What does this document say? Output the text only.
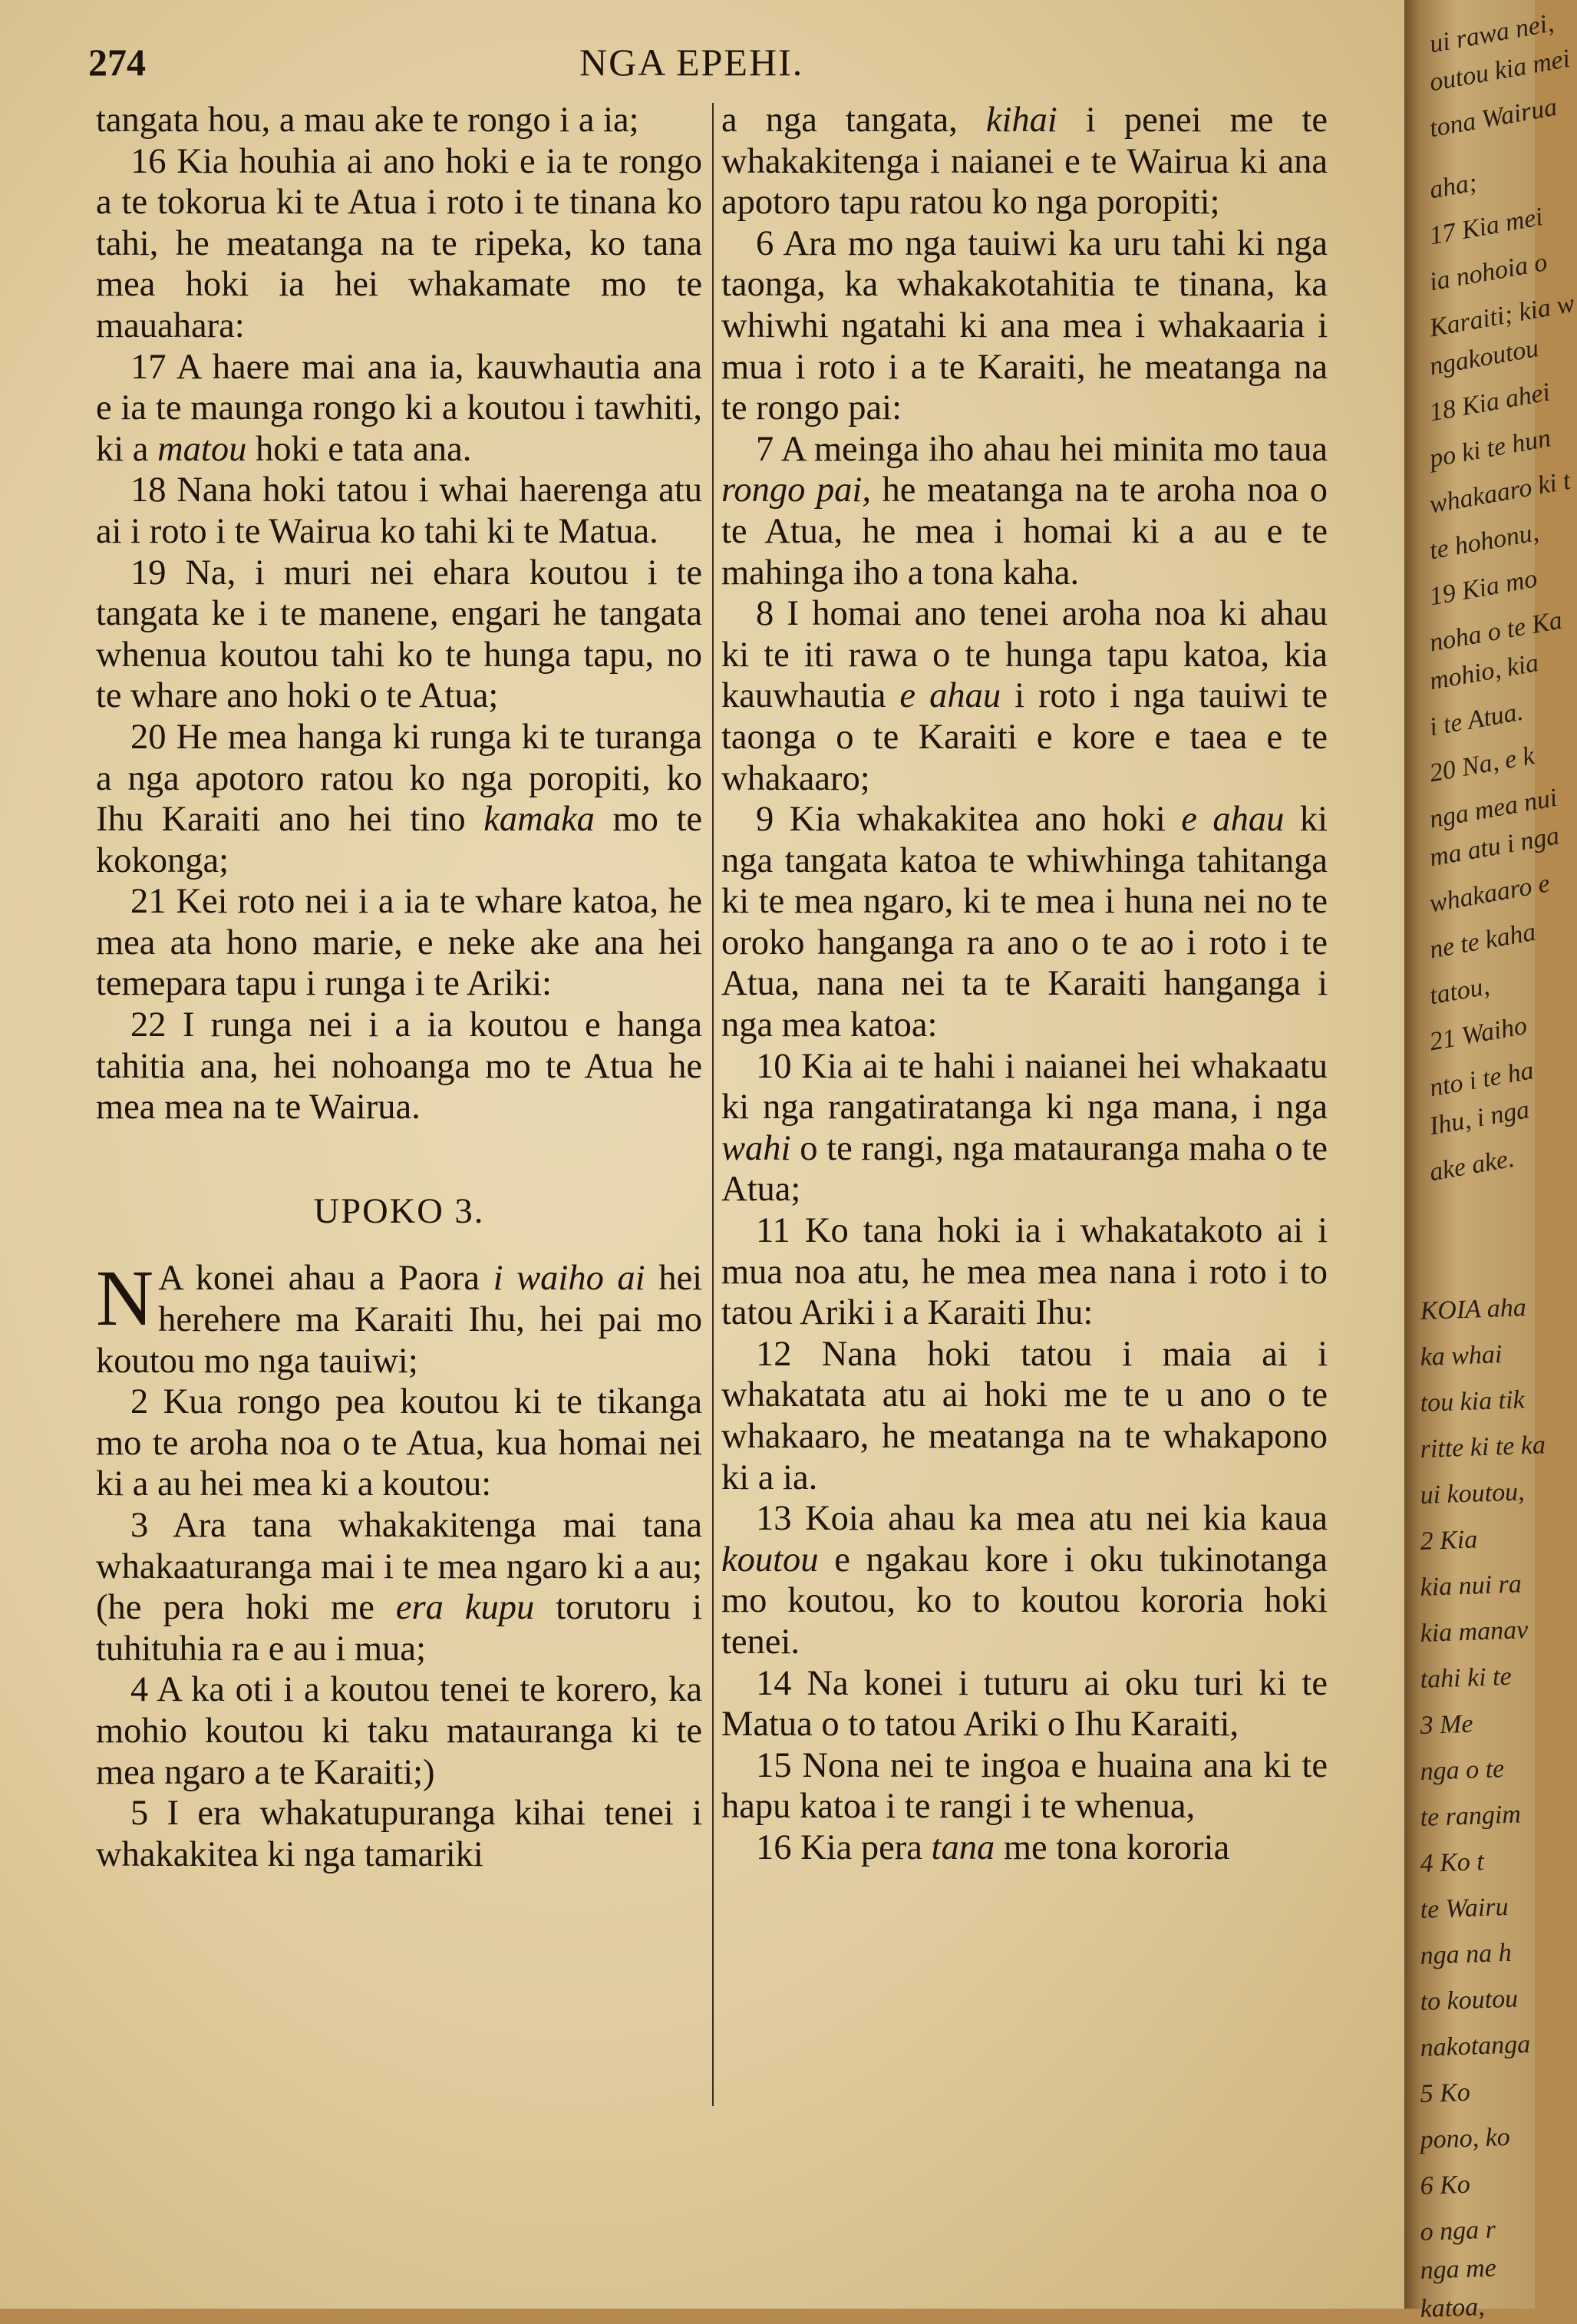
274	NGA EPEHI.

tangata hou, a mau ake te rongo i a ia;

16 Kia houhia ai ano hoki e ia te rongo a te tokorua ki te Atua i roto i te tinana ko tahi, he meatanga na te ripeka, ko tana mea hoki ia hei whakamate mo te mauahara:

17 A haere mai ana ia, kauwhautia ana e ia te maunga rongo ki a koutou i tawhiti, ki a matou hoki e tata ana.

18 Nana hoki tatou i whai haerenga atu ai i roto i te Wairua ko tahi ki te Matua.

19 Na, i muri nei ehara koutou i te tangata ke i te manene, engari he tangata whenua koutou tahi ko te hunga tapu, no te whare ano hoki o te Atua;

20 He mea hanga ki runga ki te turanga a nga apotoro ratou ko nga poropiti, ko Ihu Karaiti ano hei tino kamaka mo te kokonga;

21 Kei roto nei i a ia te whare katoa, he mea ata hono marie, e neke ake ana hei temepara tapu i runga i te Ariki:

22 I runga nei i a ia koutou e hanga tahitia ana, hei nohoanga mo te Atua he mea mea na te Wairua.

UPOKO 3.

N A konei ahau a Paora i waiho ai hei herehere ma Karaiti Ihu, hei pai mo koutou mo nga tauiwi;

2 Kua rongo pea koutou ki te tikanga mo te aroha noa o te Atua, kua homai nei ki a au hei mea ki a koutou:

3 Ara tana whakakitenga mai tana whakaaturanga mai i te mea ngaro ki a au; (he pera hoki me era kupu torutoru i tuhituhia ra e au i mua;

4 A ka oti i a koutou tenei te korero, ka mohio koutou ki taku matauranga ki te mea ngaro a te Karaiti;)

5 I era whakatupuranga kihai tenei i whakakitea ki nga tamariki

a nga tangata, kihai i penei me te whakakitenga i naianei e te Wairua ki ana apotoro tapu ratou ko nga poropiti;

6 Ara mo nga tauiwi ka uru tahi ki nga taonga, ka whakakotahitia te tinana, ka whiwhi ngatahi ki ana mea i whakaaria i mua i roto i a te Karaiti, he meatanga na te rongo pai:

7 A meinga iho ahau hei minita mo taua rongo pai, he meatanga na te aroha noa o te Atua, he mea i homai ki a au e te mahinga iho a tona kaha.

8 I homai ano tenei aroha noa ki ahau ki te iti rawa o te hunga tapu katoa, kia kauwhautia e ahau i roto i nga tauiwi te taonga o te Karaiti e kore e taea e te whakaaro;

9 Kia whakakitea ano hoki e ahau ki nga tangata katoa te whiwhinga tahitanga ki te mea ngaro, ki te mea i huna nei no te oroko hanganga ra ano o te ao i roto i te Atua, nana nei ta te Karaiti hanganga i nga mea katoa:

10 Kia ai te hahi i naianei hei whakaatu ki nga rangatiratanga ki nga mana, i nga wahi o te rangi, nga matauranga maha o te Atua;

11 Ko tana hoki ia i whakatakoto ai i mua noa atu, he mea mea nana i roto i to tatou Ariki i a Karaiti Ihu:

12 Nana hoki tatou i maia ai i whakatata atu ai hoki me te u ano o te whakaaro, he meatanga na te whakapono ki a ia.

13 Koia ahau ka mea atu nei kia kaua koutou e ngakau kore i oku tukinotanga mo koutou, ko to koutou kororia hoki tenei.

14 Na konei i tuturu ai oku turi ki te Matua o to tatou Ariki o Ihu Karaiti,

15 Nona nei te ingoa e huaina ana ki te hapu katoa i te rangi i te whenua,

16 Kia pera tana me tona kororia

ui rawa nei,
outou kia mei
tona Wairua
aha;
17 Kia mei
ia nohoia o
Karaiti; kia w
ngakoutou
18 Kia ahei
po ki te hun
whakaaro ki t
te hohonu,
19 Kia mo
noha o te Ka
mohio, kia
i te Atua.
20 Na, e k
nga mea nui
ma atu i nga
whakaaro e
ne te kaha
tatou,
21 Waiho
nto i te ha
Ihu, i nga
ake ake.
KOIA aha
ka whai
tou kia tik
ritte ki te ka
ui koutou,
2 Kia
kia nui ra
kia manav
tahi ki te
3 Me
nga o te
te rangim
4 Ko t
te Wairu
nga na h
to koutou
nakotanga
5 Ko
pono, ko
6 Ko
o nga r
nga me
katoa,
